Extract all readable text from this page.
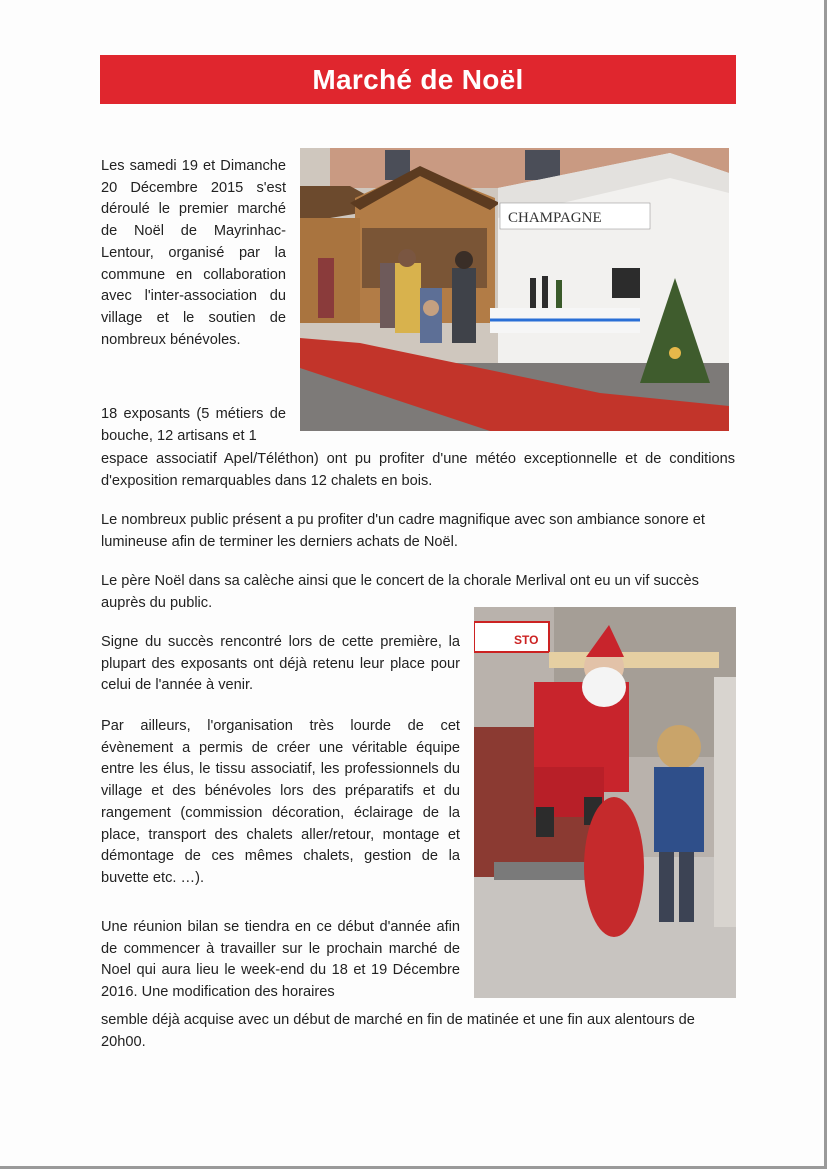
Marché de Noël

Les samedi 19 et Dimanche 20 Décembre 2015 s'est déroulé le premier marché de Noël de Mayrinhac-Lentour, organisé par la commune en collaboration avec l'inter-association du village et le soutien de nombreux bénévoles.

18 exposants (5 métiers de bouche, 12 artisans et 1

espace associatif Apel/Téléthon) ont pu profiter d'une météo exceptionnelle et de conditions d'exposition remarquables dans 12 chalets en bois.

Le nombreux public présent a pu profiter d'un cadre magnifique avec son ambiance sonore et lumineuse afin de terminer les derniers achats de Noël.

Le père Noël dans sa calèche ainsi que le concert de la chorale Merlival ont eu un vif succès auprès du public.

Signe du succès rencontré lors de cette première, la plupart des exposants ont déjà retenu leur place pour celui de l'année à venir.

Par ailleurs, l'organisation très lourde de cet évènement a permis de créer une véritable équipe entre les élus, le tissu associatif, les professionnels du village et des bénévoles lors des préparatifs et du rangement (commission décoration, éclairage de la place, transport des chalets aller/retour, montage et démontage de ces mêmes chalets, gestion de la buvette etc. …).

Une réunion bilan se tiendra en ce début d'année afin de commencer à travailler sur le prochain marché de Noel qui aura lieu le week-end du 18 et 19 Décembre 2016. Une modification des horaires

semble déjà acquise avec un début de marché en fin de matinée et une fin aux alentours de 20h00.

CHAMPAGNE
STO
